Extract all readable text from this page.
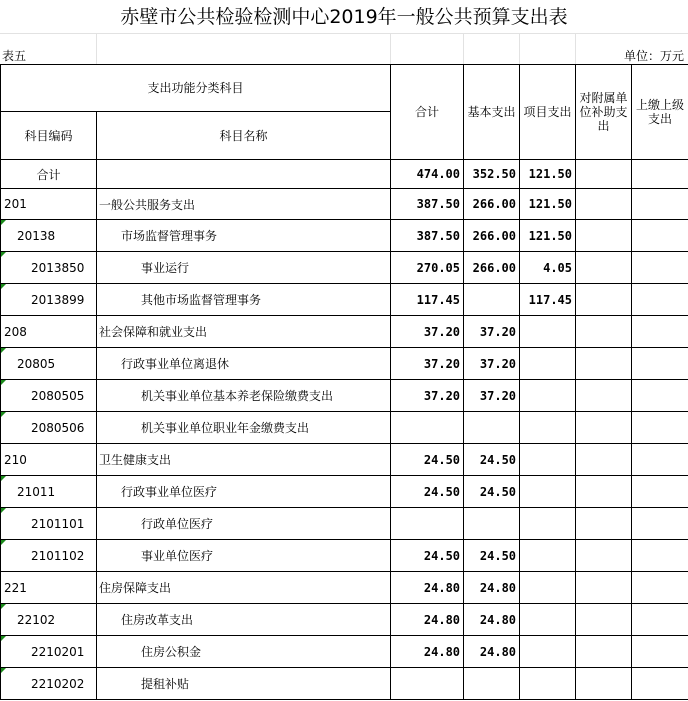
赤壁市公共检验检测中心2019年一般公共预算支出表
表五	单位：万元
支出功能分类科目		合计	基本支出	项目支出	对附属单位补助支出	上缴上级支出
科目编码	科目名称					
合计		474.00	352.50	121.50		
201	一般公共服务支出	387.50	266.00	121.50		
20138	市场监督管理事务	387.50	266.00	121.50		
2013850	事业运行	270.05	266.00	4.05		
2013899	其他市场监督管理事务	117.45		117.45		
208	社会保障和就业支出	37.20	37.20			
20805	行政事业单位离退休	37.20	37.20			
2080505	机关事业单位基本养老保险缴费支出	37.20	37.20			
2080506	机关事业单位职业年金缴费支出					
210	卫生健康支出	24.50	24.50			
21011	行政事业单位医疗	24.50	24.50			
2101101	行政单位医疗					
2101102	事业单位医疗	24.50	24.50			
221	住房保障支出	24.80	24.80			
22102	住房改革支出	24.80	24.80			
2210201	住房公积金	24.80	24.80			
2210202	提租补贴					
